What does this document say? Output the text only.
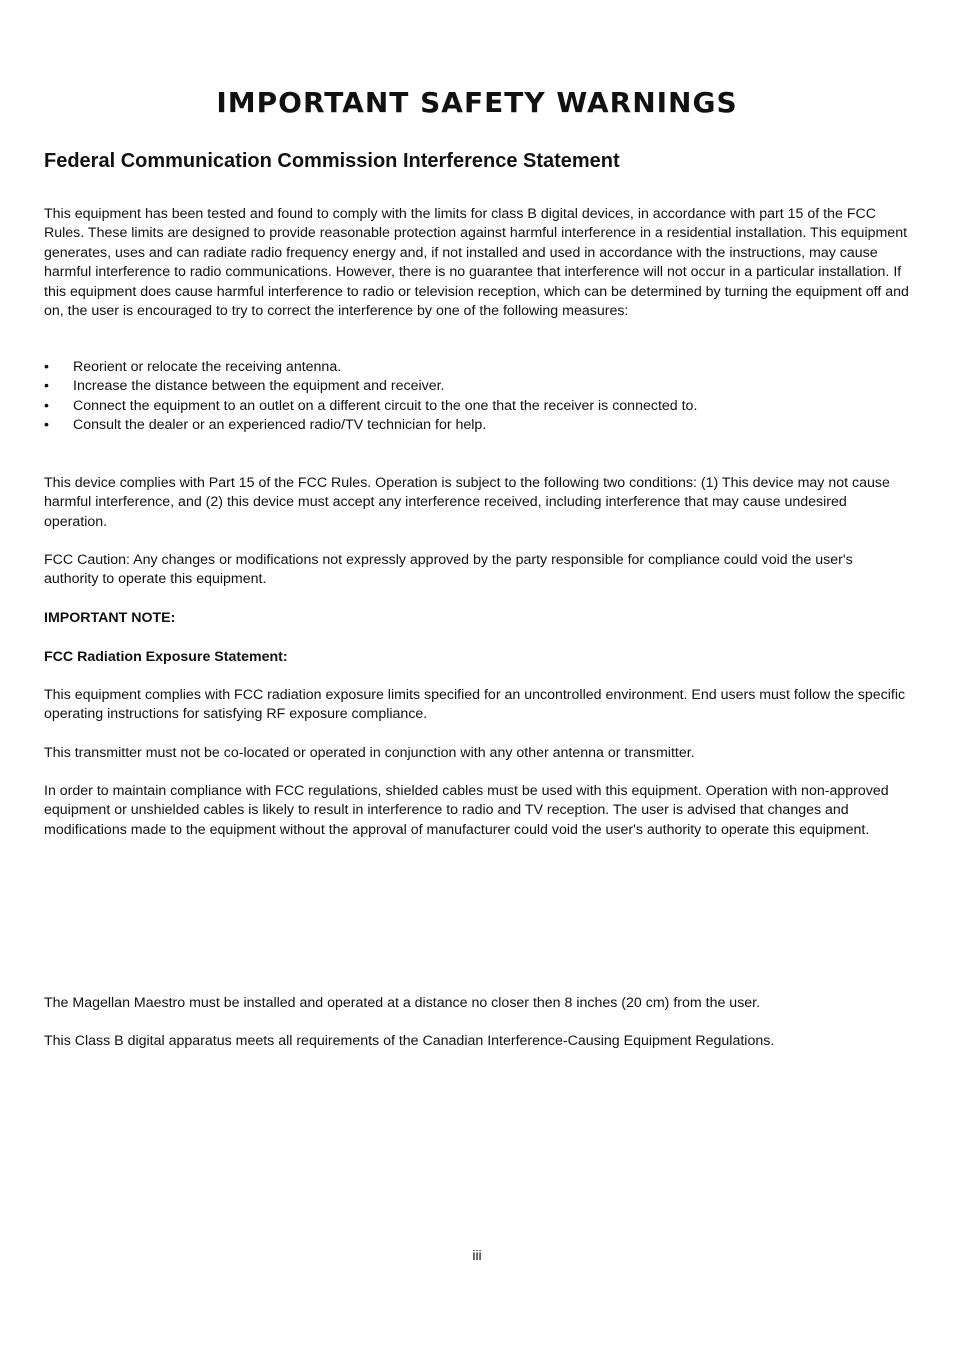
IMPORTANT SAFETY WARNINGS
Federal Communication Commission Interference Statement

This equipment has been tested and found to comply with the limits for class B digital devices, in accordance with part 15 of the FCC Rules. These limits are designed to provide reasonable protection against harmful interference in a residential installation. This equipment generates, uses and can radiate radio frequency energy and, if not installed and used in accordance with the instructions, may cause harmful interference to radio communications. However, there is no guarantee that interference will not occur in a particular installation. If this equipment does cause harmful interference to radio or television reception, which can be determined by turning the equipment off and on, the user is encouraged to try to correct the interference by one of the following measures:

• Reorient or relocate the receiving antenna.
• Increase the distance between the equipment and receiver.
• Connect the equipment to an outlet on a different circuit to the one that the receiver is connected to.
• Consult the dealer or an experienced radio/TV technician for help.

This device complies with Part 15 of the FCC Rules. Operation is subject to the following two conditions: (1) This device may not cause harmful interference, and (2) this device must accept any interference received, including interference that may cause undesired operation.

FCC Caution: Any changes or modifications not expressly approved by the party responsible for compliance could void the user's authority to operate this equipment.

IMPORTANT NOTE:

FCC Radiation Exposure Statement:

This equipment complies with FCC radiation exposure limits specified for an uncontrolled environment. End users must follow the specific operating instructions for satisfying RF exposure compliance.

This transmitter must not be co-located or operated in conjunction with any other antenna or transmitter.

In order to maintain compliance with FCC regulations, shielded cables must be used with this equipment. Operation with non-approved equipment or unshielded cables is likely to result in interference to radio and TV reception. The user is advised that changes and modifications made to the equipment without the approval of manufacturer could void the user's authority to operate this equipment.

The Magellan Maestro must be installed and operated at a distance no closer then 8 inches (20 cm) from the user.

This Class B digital apparatus meets all requirements of the Canadian Interference-Causing Equipment Regulations.

iii
